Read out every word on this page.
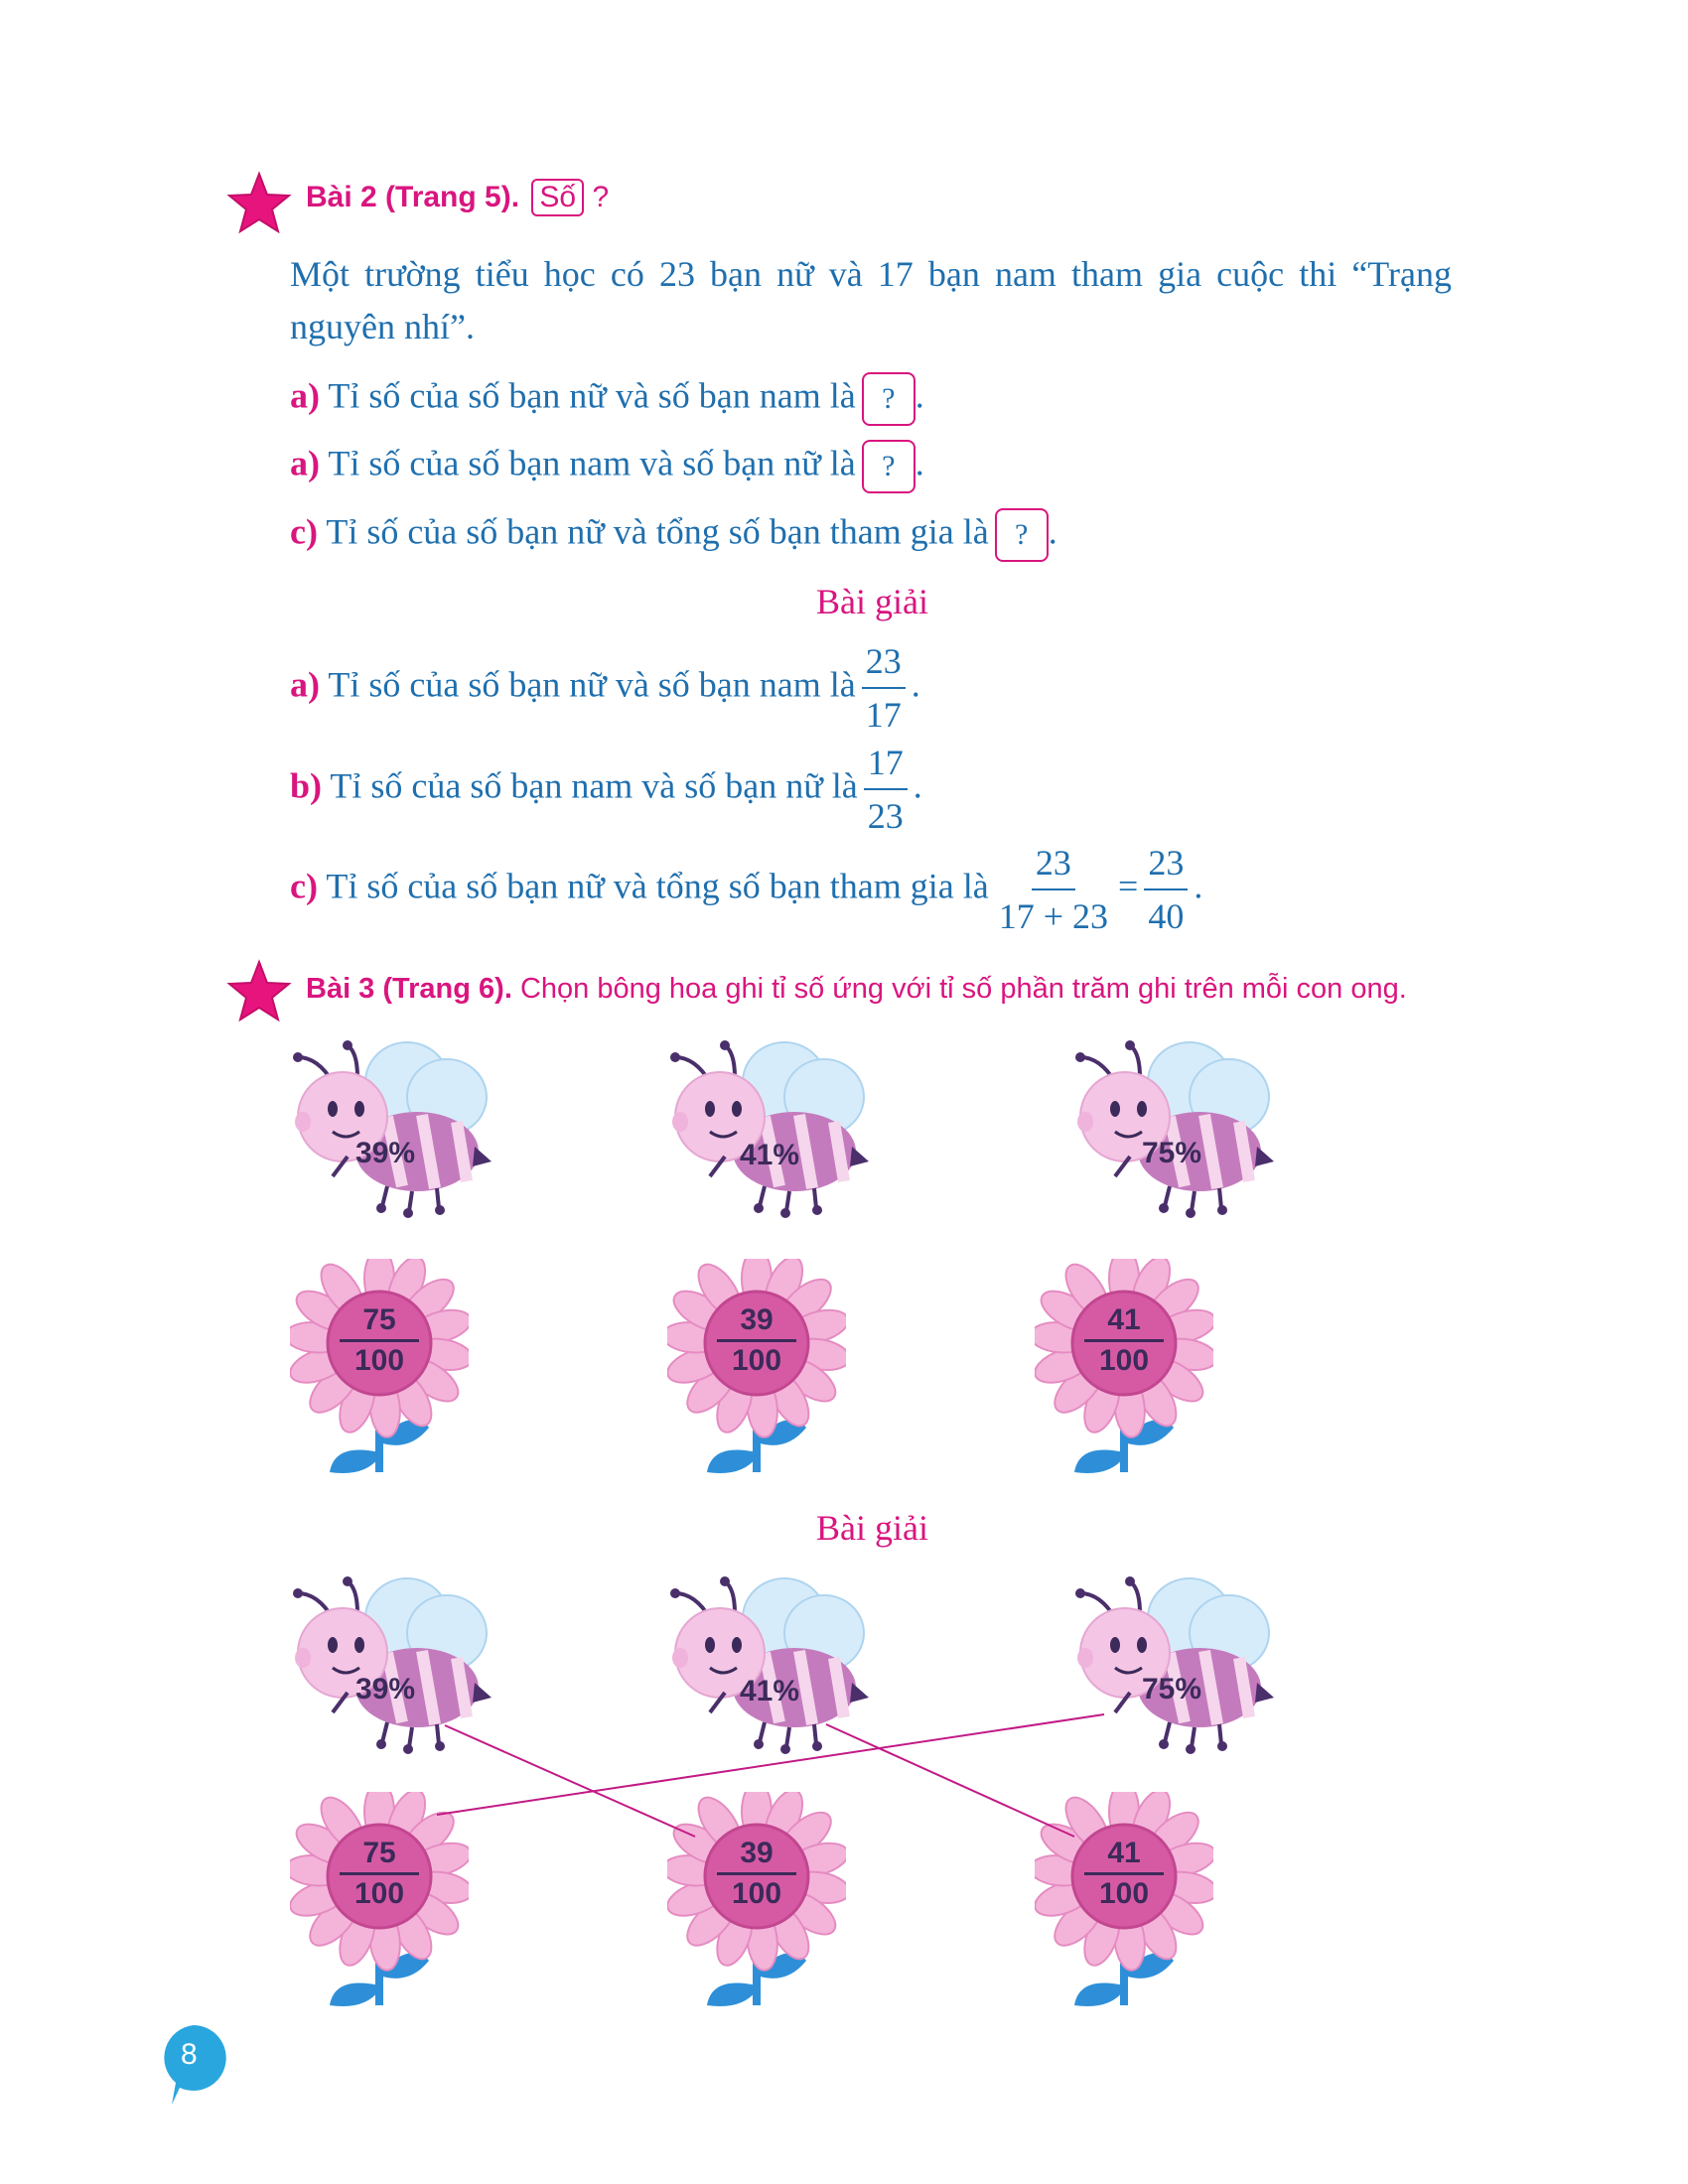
Bài 2 (Trang 5). Số ?
Một trường tiểu học có 23 bạn nữ và 17 bạn nam tham gia cuộc thi “Trạng
nguyên nhí”.
a) Tỉ số của số bạn nữ và số bạn nam là ? .
a) Tỉ số của số bạn nam và số bạn nữ là ? .
c) Tỉ số của số bạn nữ và tổng số bạn tham gia là ? .
Bài giải
a) Tỉ số của số bạn nữ và số bạn nam là $\frac{23}{17}$ .
b) Tỉ số của số bạn nam và số bạn nữ là $\frac{17}{23}$ .
c) Tỉ số của số bạn nữ và tổng số bạn tham gia là $\frac{23}{17 + 23} = \frac{23}{40}$ .
Bài 3 (Trang 6). Chọn bông hoa ghi tỉ số ứng với tỉ số phần trăm ghi trên mỗi con ong.
39%	41%	75%
$\frac{75}{100}$	$\frac{39}{100}$	$\frac{41}{100}$
Bài giải
39%	41%	75%
$\frac{75}{100}$	$\frac{39}{100}$	$\frac{41}{100}$
8
